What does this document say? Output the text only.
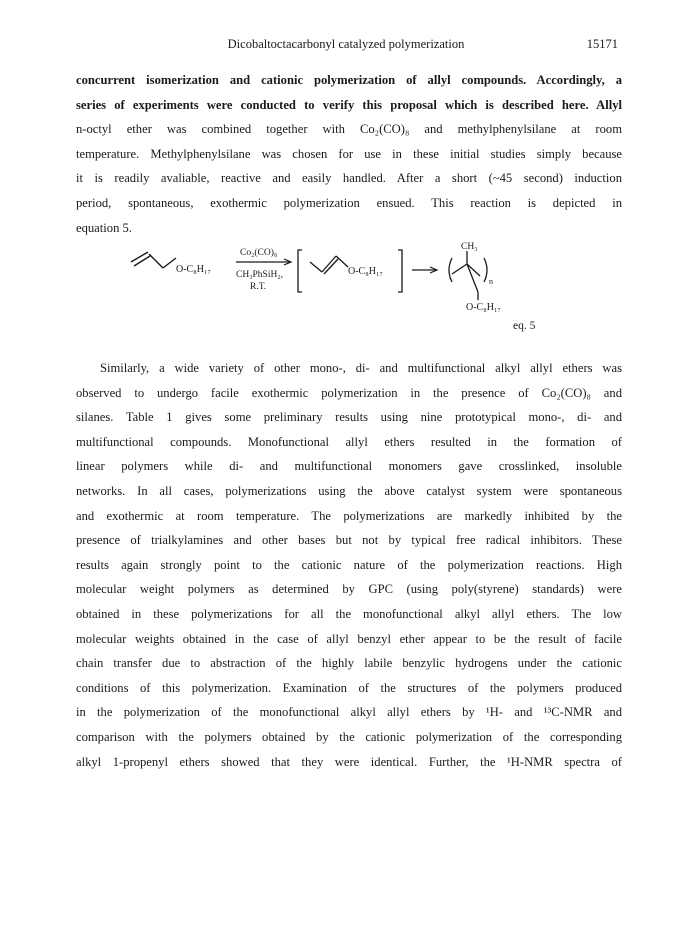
Dicobaltoctacarbonyl catalyzed polymerization	15171
concurrent isomerization and cationic polymerization of allyl compounds. Accordingly, a
series of experiments were conducted to verify this proposal which is described here. Allyl
n-octyl ether was combined together with Co₂(CO)₈ and methylphenylsilane at room
temperature. Methylphenylsilane was chosen for use in these initial studies simply because
it is readily avaliable, reactive and easily handled. After a short (~45 second) induction
period, spontaneous, exothermic polymerization ensued. This reaction is depicted in
equation 5.
O-C₈H₁₇
Co₂(CO)₈
CH₃PhSiH₂,
R.T.
O-C₈H₁₇
CH₃
n
O-C₈H₁₇
eq. 5
Similarly, a wide variety of other mono-, di- and multifunctional alkyl allyl ethers was
observed to undergo facile exothermic polymerization in the presence of Co₂(CO)₈ and
silanes. Table 1 gives some preliminary results using nine prototypical mono-, di- and
multifunctional compounds. Monofunctional allyl ethers resulted in the formation of
linear polymers while di- and multifunctional monomers gave crosslinked, insoluble
networks. In all cases, polymerizations using the above catalyst system were spontaneous
and exothermic at room temperature. The polymerizations are markedly inhibited by the
presence of trialkylamines and other bases but not by typical free radical inhibitors. These
results again strongly point to the cationic nature of the polymerization reactions. High
molecular weight polymers as determined by GPC (using poly(styrene) standards) were
obtained in these polymerizations for all the monofunctional alkyl allyl ethers. The low
molecular weights obtained in the case of allyl benzyl ether appear to be the result of facile
chain transfer due to abstraction of the highly labile benzylic hydrogens under the cationic
conditions of this polymerization. Examination of the structures of the polymers produced
in the polymerization of the monofunctional alkyl allyl ethers by ¹H- and ¹³C-NMR and
comparison with the polymers obtained by the cationic polymerization of the corresponding
alkyl 1-propenyl ethers showed that they were identical. Further, the ¹H-NMR spectra of
